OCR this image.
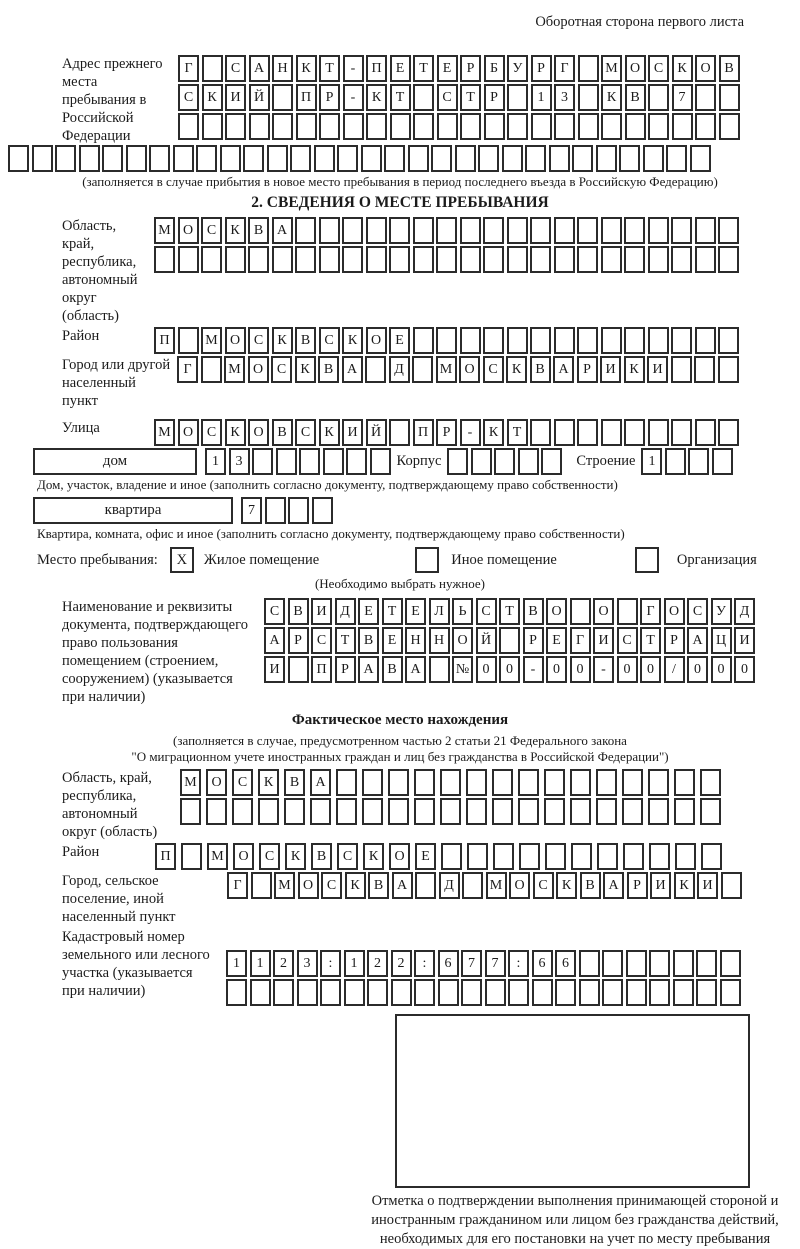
Оборотная сторона первого листа
Адрес прежнего места пребывания в Российской Федерации
Г	С А Н К	Т	-	П	Е	Т	Е	Р	Б	У	Р	Г	М О С	К О В
С	К И Й	П	Р	-	К	Т	С	Т	Р	1	3	К	В	7
(заполняется в случае прибытия в новое место пребывания в период последнего въезда в Российскую Федерацию)
2. СВЕДЕНИЯ О МЕСТЕ ПРЕБЫВАНИЯ
Область, край, республика, автономный округ (область)
М О С	К	В А
Район	П	М О С	К	В	С	К О	Е
Город или другой населенный пункт
Г	М О С	К	В А	Д	М О С	К	В А	Р	И К И
Улица	М О С	К О В	С	К И Й	П	Р	-	К	Т
дом	1	3	Корпус	Строение 1
Дом, участок, владение и иное (заполнить согласно документу, подтверждающему право собственности)
квартира	7
Квартира, комната, офис и иное (заполнить согласно документу, подтверждающему право собственности)
Место пребывания:	X	Жилое помещение	Иное помещение	Организация
(Необходимо выбрать нужное)
Наименование и реквизиты документа, подтверждающего право пользования помещением (строением, сооружением) (указывается при наличии)
С	В И Д	Е	Т	Е	Л	Ь	С	Т	В О	О	Г	О С У Д
А	Р	С	Т	В	Е	Н Н О Й	Р	Е	Г	И С	Т	Р	А Ц И
И	П	Р	А В А	№ 0	0	-	0	0	-	0	0	/	0	0	0
Фактическое место нахождения
(заполняется в случае, предусмотренном частью 2 статьи 21 Федерального закона
"О миграционном учете иностранных граждан и лиц без гражданства в Российской Федерации")
Область, край, республика, автономный округ (область)
М	О	С	К	В	А
Район	П	М	О	С	К	В	С	К	О	Е
Город, сельское поселение, иной населенный пункт
Г	М О С	К	В А	Д	М О С	К	В А	Р	И К И
Кадастровый номер земельного или лесного участка (указывается при наличии)
1	1	2	3	:	1	2	2	:	6	7	7	:	6	6
Отметка о подтверждении выполнения принимающей стороной и иностранным гражданином или лицом без гражданства действий, необходимых для его постановки на учет по месту пребывания
